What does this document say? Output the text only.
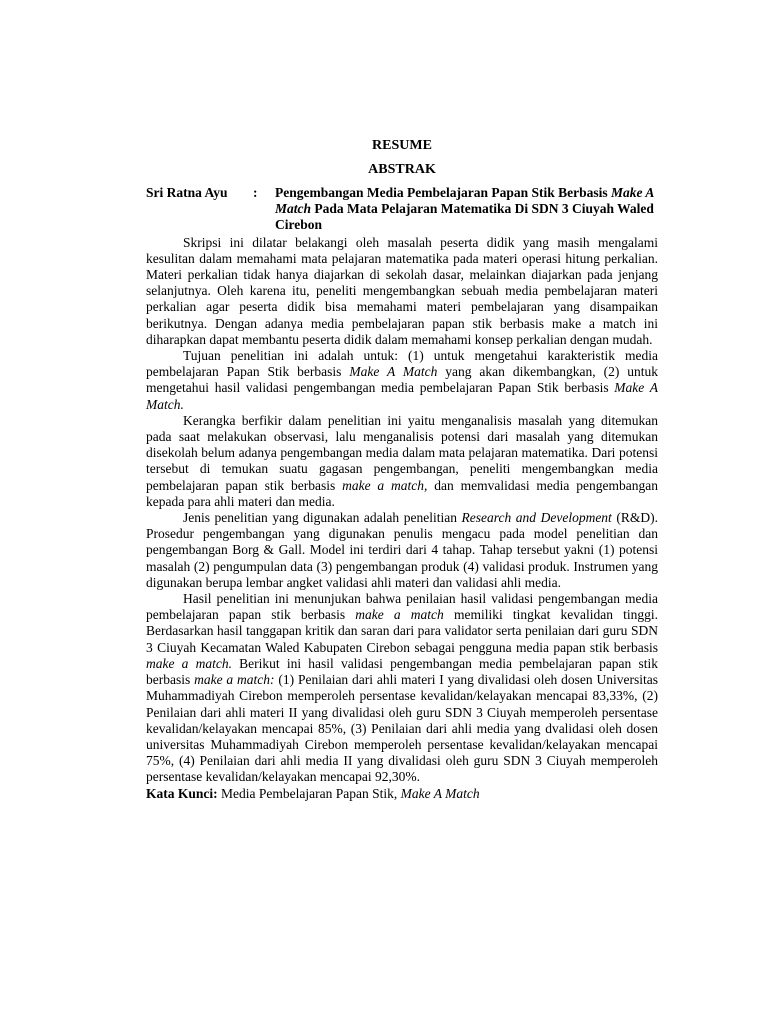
RESUME

ABSTRAK

Sri Ratna Ayu	:	Pengembangan Media Pembelajaran Papan Stik Berbasis Make A Match Pada Mata Pelajaran Matematika Di SDN 3 Ciuyah Waled Cirebon

Skripsi ini dilatar belakangi oleh masalah peserta didik yang masih mengalami kesulitan dalam memahami mata pelajaran matematika pada materi operasi hitung perkalian. Materi perkalian tidak hanya diajarkan di sekolah dasar, melainkan diajarkan pada jenjang selanjutnya. Oleh karena itu, peneliti mengembangkan sebuah media pembelajaran materi perkalian agar peserta didik bisa memahami materi pembelajaran yang disampaikan berikutnya. Dengan adanya media pembelajaran papan stik berbasis make a match ini diharapkan dapat membantu peserta didik dalam memahami konsep perkalian dengan mudah.

Tujuan penelitian ini adalah untuk: (1) untuk mengetahui karakteristik media pembelajaran Papan Stik berbasis Make A Match yang akan dikembangkan, (2) untuk mengetahui hasil validasi pengembangan media pembelajaran Papan Stik berbasis Make A Match.

Kerangka berfikir dalam penelitian ini yaitu menganalisis masalah yang ditemukan pada saat melakukan observasi, lalu menganalisis potensi dari masalah yang ditemukan disekolah belum adanya pengembangan media dalam mata pelajaran matematika. Dari potensi tersebut di temukan suatu gagasan pengembangan, peneliti mengembangkan media pembelajaran papan stik berbasis make a match, dan memvalidasi media pengembangan kepada para ahli materi dan media.

Jenis penelitian yang digunakan adalah penelitian Research and Development (R&D). Prosedur pengembangan yang digunakan penulis mengacu pada model penelitian dan pengembangan Borg & Gall. Model ini terdiri dari 4 tahap. Tahap tersebut yakni (1) potensi masalah (2) pengumpulan data (3) pengembangan produk (4) validasi produk. Instrumen yang digunakan berupa lembar angket validasi ahli materi dan validasi ahli media.

Hasil penelitian ini menunjukan bahwa penilaian hasil validasi pengembangan media pembelajaran papan stik berbasis make a match memiliki tingkat kevalidan tinggi. Berdasarkan hasil tanggapan kritik dan saran dari para validator serta penilaian dari guru SDN 3 Ciuyah Kecamatan Waled Kabupaten Cirebon sebagai pengguna media papan stik berbasis make a match. Berikut ini hasil validasi pengembangan media pembelajaran papan stik berbasis make a match: (1) Penilaian dari ahli materi I yang divalidasi oleh dosen Universitas Muhammadiyah Cirebon memperoleh persentase kevalidan/kelayakan mencapai 83,33%, (2) Penilaian dari ahli materi II yang divalidasi oleh guru SDN 3 Ciuyah memperoleh persentase kevalidan/kelayakan mencapai 85%, (3) Penilaian dari ahli media yang dvalidasi oleh dosen universitas Muhammadiyah Cirebon memperoleh persentase kevalidan/kelayakan mencapai 75%, (4) Penilaian dari ahli media II yang divalidasi oleh guru SDN 3 Ciuyah memperoleh persentase kevalidan/kelayakan mencapai 92,30%.

Kata Kunci: Media Pembelajaran Papan Stik, Make A Match
